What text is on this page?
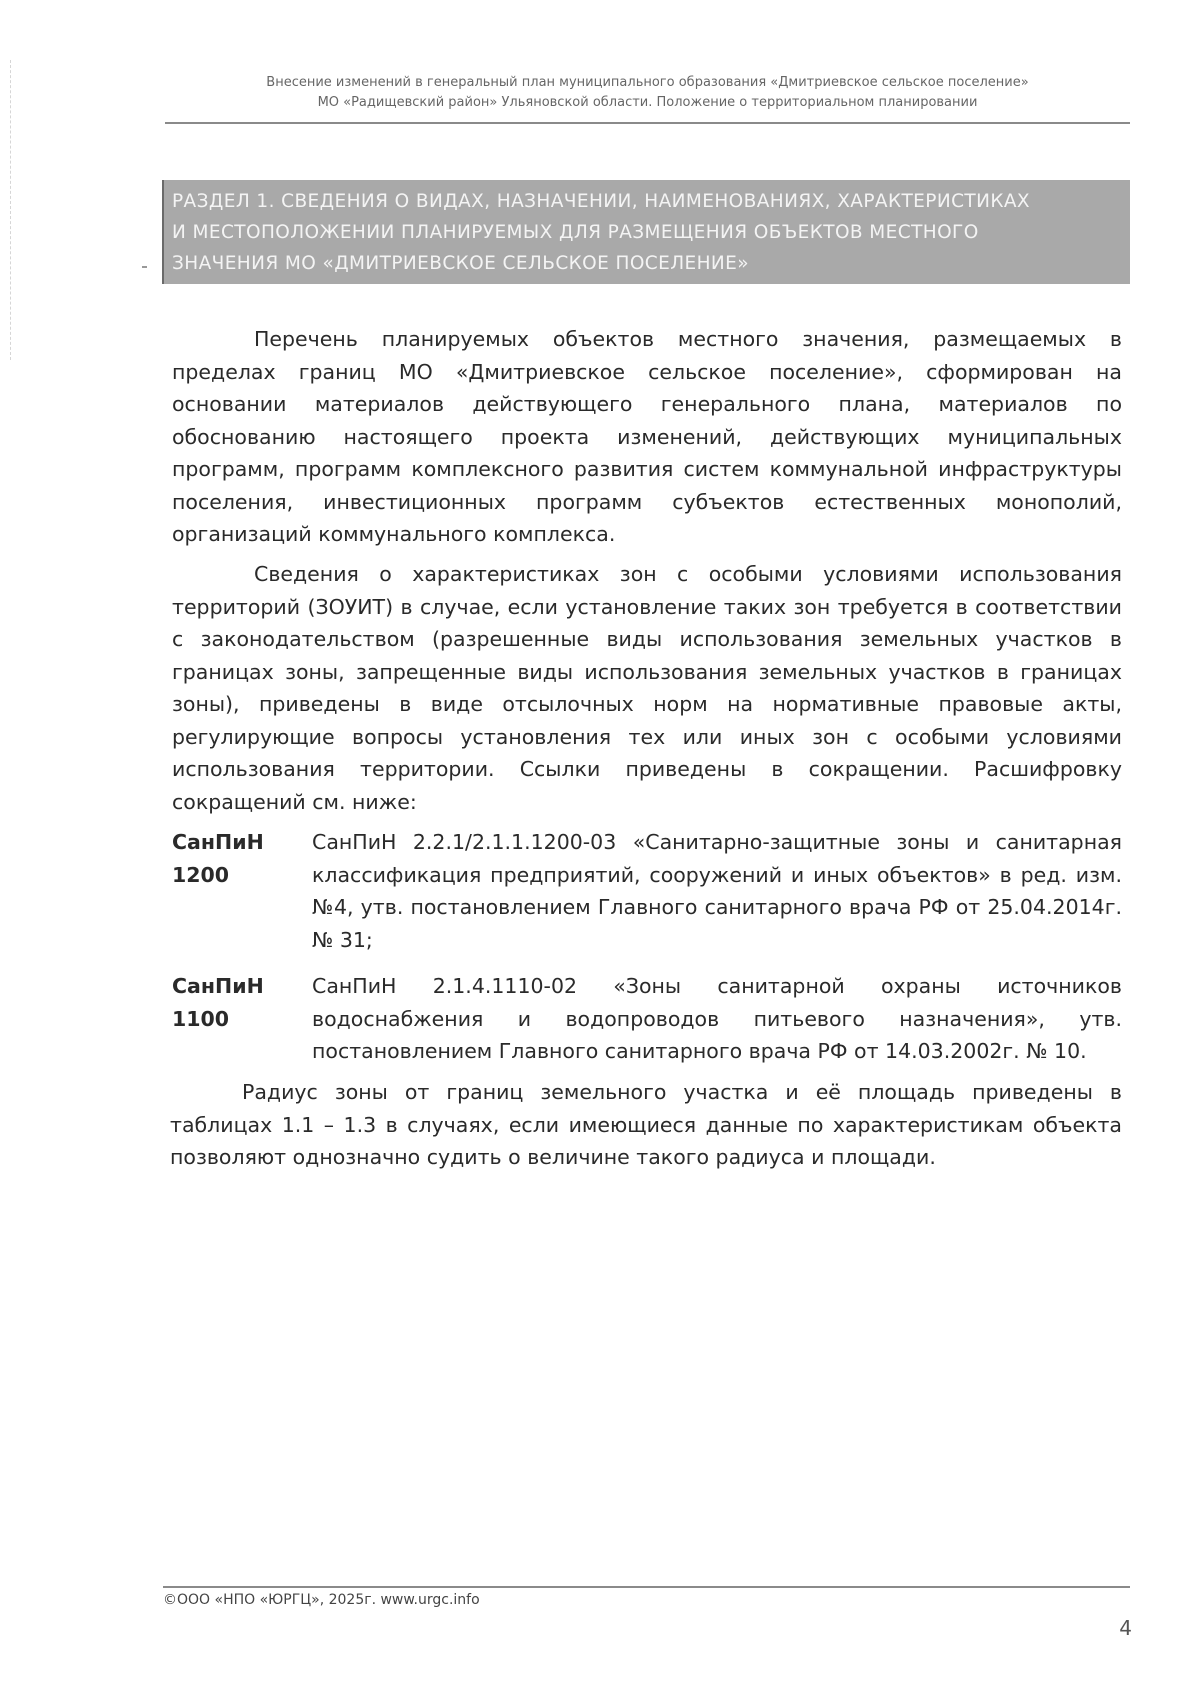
Внесение изменений в генеральный план муниципального образования «Дмитриевское сельское поселение»
МО «Радищевский район» Ульяновской области. Положение о территориальном планировании
РАЗДЕЛ 1. СВЕДЕНИЯ О ВИДАХ, НАЗНАЧЕНИИ, НАИМЕНОВАНИЯХ, ХАРАКТЕРИСТИКАХ
И МЕСТОПОЛОЖЕНИИ ПЛАНИРУЕМЫХ ДЛЯ РАЗМЕЩЕНИЯ ОБЪЕКТОВ МЕСТНОГО
ЗНАЧЕНИЯ МО «ДМИТРИЕВСКОЕ СЕЛЬСКОЕ ПОСЕЛЕНИЕ»

Перечень планируемых объектов местного значения, размещаемых в пределах границ МО «Дмитриевское сельское поселение», сформирован на основании материалов действующего генерального плана, материалов по обоснованию настоящего проекта изменений, действующих муниципальных программ, программ комплексного развития систем коммунальной инфраструктуры поселения, инвестиционных программ субъектов естественных монополий, организаций коммунального комплекса.

Сведения о характеристиках зон с особыми условиями использования территорий (ЗОУИТ) в случае, если установление таких зон требуется в соответствии с законодательством (разрешенные виды использования земельных участков в границах зоны, запрещенные виды использования земельных участков в границах зоны), приведены в виде отсылочных норм на нормативные правовые акты, регулирующие вопросы установления тех или иных зон с особыми условиями использования территории. Ссылки приведены в сокращении. Расшифровку сокращений см. ниже:

СанПиН 1200
СанПиН 2.2.1/2.1.1.1200-03 «Санитарно-защитные зоны и санитарная классификация предприятий, сооружений и иных объектов» в ред. изм. №4, утв. постановлением Главного санитарного врача РФ от 25.04.2014г. № 31;
СанПиН 1100
СанПиН 2.1.4.1110-02 «Зоны санитарной охраны источников водоснабжения и водопроводов питьевого назначения», утв. постановлением Главного санитарного врача РФ от 14.03.2002г. № 10.

Радиус зоны от границ земельного участка и её площадь приведены в таблицах 1.1 – 1.3 в случаях, если имеющиеся данные по характеристикам объекта позволяют однозначно судить о величине такого радиуса и площади.

©ООО «НПО «ЮРГЦ», 2025г. www.urgc.info
4
